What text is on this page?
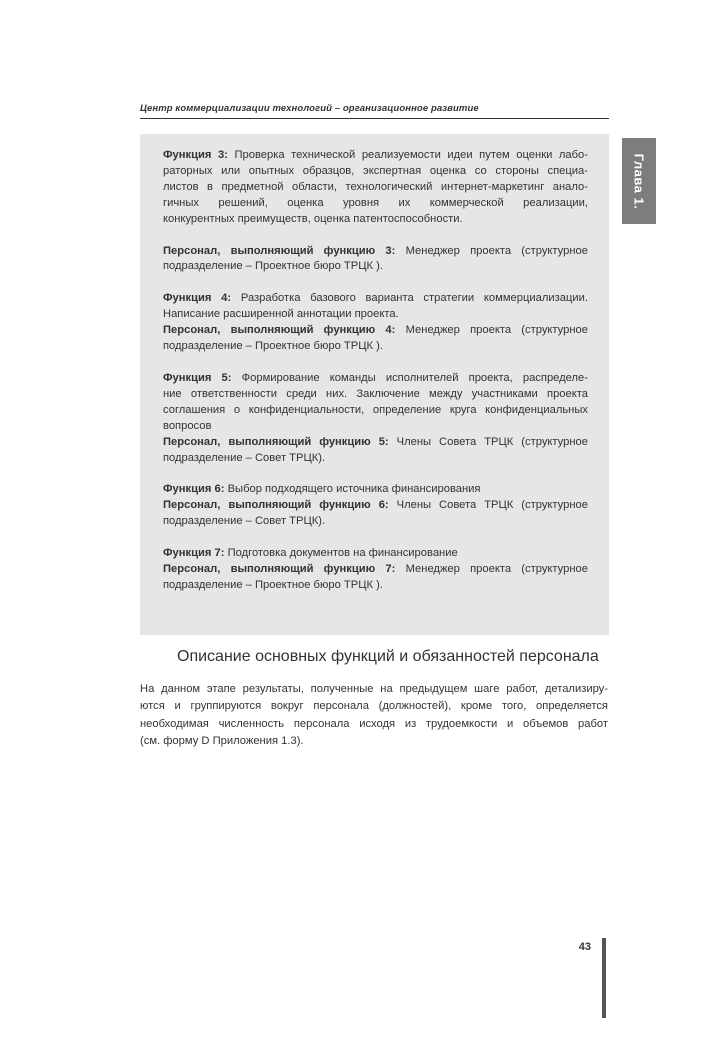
Центр коммерциализации технологий – организационное развитие
Глава 1.
Функция 3: Проверка технической реализуемости идеи путем оценки лабо-
раторных или опытных образцов, экспертная оценка со стороны специа-
листов в предметной области, технологический интернет-маркетинг анало-
гичных решений, оценка уровня их коммерческой реализации,
конкурентных преимуществ, оценка патентоспособности.
Персонал, выполняющий функцию 3: Менеджер проекта (структурное
подразделение – Проектное бюро ТРЦК ).
Функция 4: Разработка базового варианта стратегии коммерциализации.
Написание расширенной аннотации проекта.
Персонал, выполняющий функцию 4: Менеджер проекта (структурное
подразделение – Проектное бюро ТРЦК ).
Функция 5: Формирование команды исполнителей проекта, распределе-
ние ответственности среди них. Заключение между участниками проекта
соглашения о конфиденциальности, определение круга конфиденциальных
вопросов
Персонал, выполняющий функцию 5: Члены Совета ТРЦК (структурное
подразделение – Совет ТРЦК).
Функция 6: Выбор подходящего источника финансирования
Персонал, выполняющий функцию 6: Члены Совета ТРЦК (структурное
подразделение – Совет ТРЦК).
Функция 7: Подготовка документов на финансирование
Персонал, выполняющий функцию 7: Менеджер проекта (структурное
подразделение – Проектное бюро ТРЦК ).
Описание основных функций и обязанностей персонала
На данном этапе результаты, полученные на предыдущем шаге работ, детализиру-
ются и группируются вокруг персонала (должностей), кроме того, определяется
необходимая численность персонала исходя из трудоемкости и объемов работ
(см. форму D Приложения 1.3).
43
